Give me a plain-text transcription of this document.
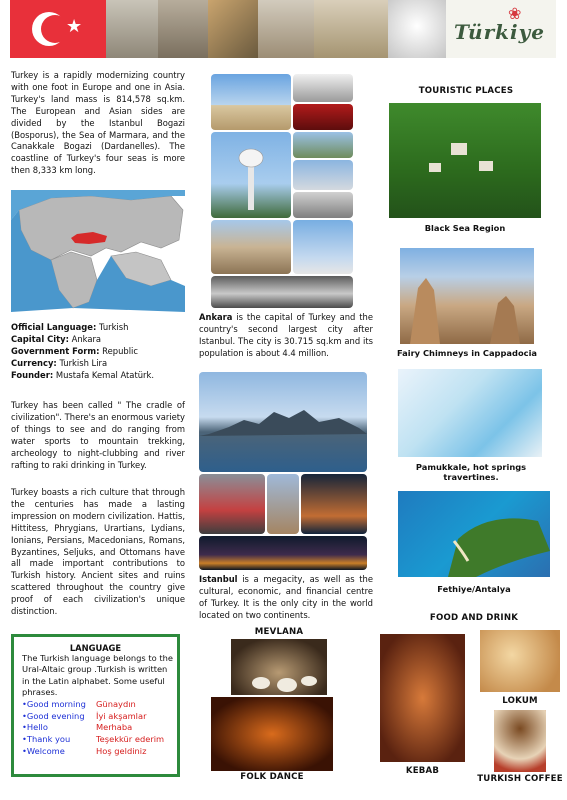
★
❀
Türkiye
Turkey is a rapidly modernizing country with one foot in Europe and one in Asia. Turkey's land mass is 814,578 sq.km. The European and Asian sides are divided by the Istanbul Bogazi (Bosporus), the Sea of Marmara, and the Canakkale Bogazi (Dardanelles). The coastline of Turkey's four seas is more then 8,333 km long.
Official Language: Turkish
Capital City: Ankara
Government Form: Republic
Currency: Turkish Lira
Founder: Mustafa Kemal Atatürk.
Turkey has been called " The cradle of civilization". There's an enormous variety of things to see and do ranging from water sports to mountain trekking, archeology to night-clubbing and river rafting to raki drinking in Turkey.
Turkey boasts a rich culture that through the centuries has made a lasting impression on modern civilization. Hattis, Hittitess, Phrygians, Urartians, Lydians, Ionians, Persians, Macedonians, Romans, Byzantines, Seljuks, and Ottomans have all made important contributions to Turkish history. Ancient sites and ruins scattered throughout the country give proof of each civilization's unique distinction.
LANGUAGE
The Turkish language belongs to the Ural-Altaic group .Turkish is written in the Latin alphabet. Some useful phrases.
•Good morning	Günaydın
•Good evening	İyi akşamlar
•Hello	Merhaba
•Thank you	Teşekkür ederim
•Welcome	Hoş geldiniz
Ankara is the capital of Turkey and the country's second largest city after Istanbul. The city is 30.715 sq.km and its population is about 4.4 million.
Istanbul is a megacity, as well as the cultural, economic, and financial centre of Turkey. It is the only city in the world located on two continents.
MEVLANA
FOLK DANCE
TOURISTIC PLACES
Black Sea Region
Fairy Chimneys in Cappadocia
Pamukkale, hot springs travertines.
Fethiye/Antalya
FOOD AND DRINK
KEBAB
LOKUM
TURKISH COFFEE
